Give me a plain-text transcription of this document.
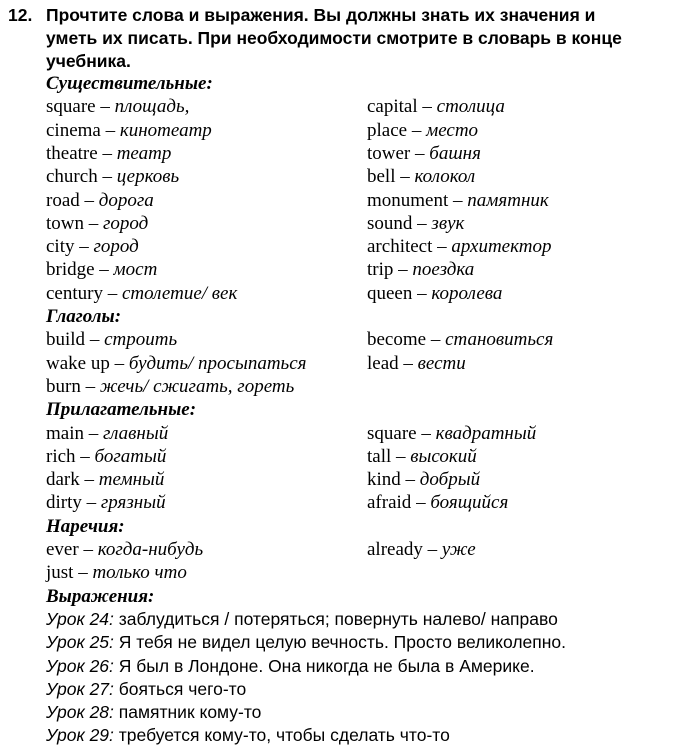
12. Прочтите слова и выражения. Вы должны знать их значения и
уметь их писать. При необходимости смотрите в словарь в конце
учебника.
Существительные:
square – площадь,	capital – столица
cinema – кинотеатр	place – место
theatre – театр	tower – башня
church – церковь	bell – колокол
road – дорога	monument – памятник
town – город	sound – звук
city – город	architect – архитектор
bridge – мост	trip – поездка
century – столетие/ век	queen – королева
Глаголы:
build – строить	become – становиться
wake up – будить/ просыпаться	lead – вести
burn – жечь/ сжигать, гореть
Прилагательные:
main – главный	square – квадратный
rich – богатый	tall – высокий
dark – темный	kind – добрый
dirty – грязный	afraid – боящийся
Наречия:
ever – когда-нибудь	already – уже
just – только что
Выражения:
Урок 24: заблудиться / потеряться; повернуть налево/ направо
Урок 25: Я тебя не видел целую вечность. Просто великолепно.
Урок 26: Я был в Лондоне. Она никогда не была в Америке.
Урок 27: бояться чего-то
Урок 28: памятник кому-то
Урок 29: требуется кому-то, чтобы сделать что-то
